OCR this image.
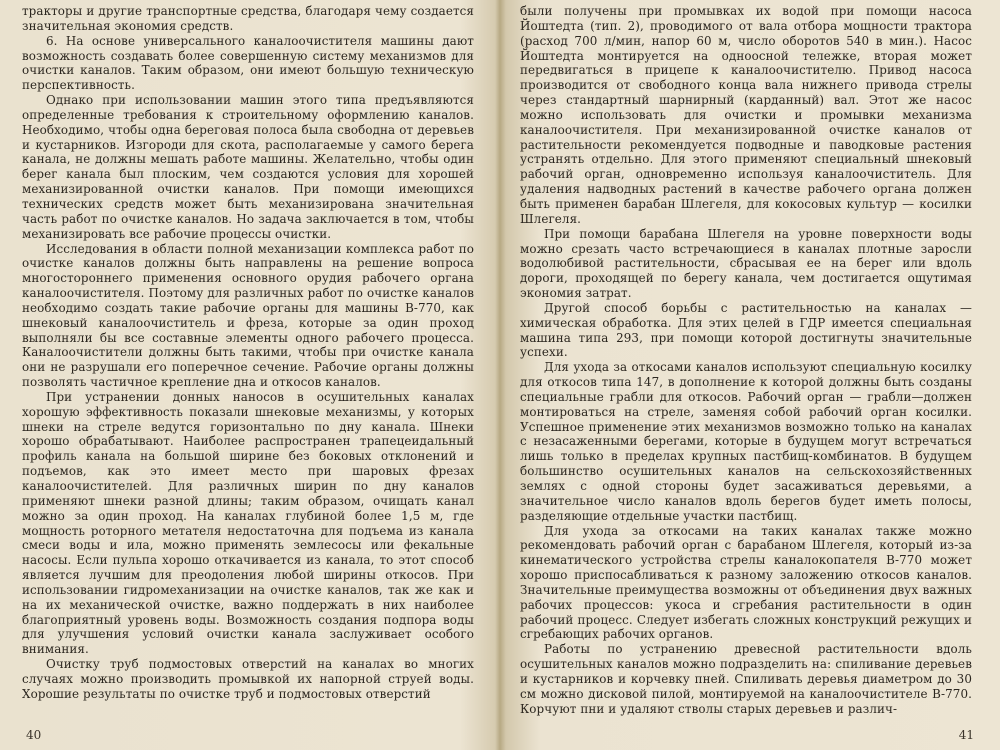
тракторы и другие транспортные средства, благодаря чему создается значительная экономия средств.

6. На основе универсального каналоочистителя машины дают возможность создавать более совершенную систему механизмов для очистки каналов. Таким образом, они имеют большую техническую перспективность.

Однако при использовании машин этого типа предъявляются определенные требования к строительному оформлению каналов. Необходимо, чтобы одна береговая полоса была свободна от деревьев и кустарников. Изгороди для скота, располагаемые у самого берега канала, не должны мешать работе машины. Желательно, чтобы один берег канала был плоским, чем создаются условия для хорошей механизированной очистки каналов. При помощи имеющихся технических средств может быть механизирована значительная часть работ по очистке каналов. Но задача заключается в том, чтобы механизировать все рабочие процессы очистки.

Исследования в области полной механизации комплекса работ по очистке каналов должны быть направлены на решение вопроса многостороннего применения основного орудия рабочего органа каналоочистителя. Поэтому для различных работ по очистке каналов необходимо создать такие рабочие органы для машины В-770, как шнековый каналоочиститель и фреза, которые за один проход выполняли бы все составные элементы одного рабочего процесса. Каналоочистители должны быть такими, чтобы при очистке канала они не разрушали его поперечное сечение. Рабочие органы должны позволять частичное крепление дна и откосов каналов.

При устранении донных наносов в осушительных каналах хорошую эффективность показали шнековые механизмы, у которых шнеки на стреле ведутся горизонтально по дну канала. Шнеки хорошо обрабатывают. Наиболее распространен трапецеидальный профиль канала на большой ширине без боковых отклонений и подъемов, как это имеет место при шаровых фрезах каналоочистителей. Для различных ширин по дну каналов применяют шнеки разной длины; таким образом, очищать канал можно за один проход. На каналах глубиной более 1,5 м, где мощность роторного метателя недостаточна для подъема из канала смеси воды и ила, можно применять землесосы или фекальные насосы. Если пульпа хорошо откачивается из канала, то этот способ является лучшим для преодоления любой ширины откосов. При использовании гидромеханизации на очистке каналов, так же как и на их механической очистке, важно поддержать в них наиболее благоприятный уровень воды. Возможность создания подпора воды для улучшения условий очистки канала заслуживает особого внимания.

Очистку труб подмостовых отверстий на каналах во многих случаях можно производить промывкой их напорной струей воды. Хорошие результаты по очистке труб и подмостовых отверстий

40

были получены при промывках их водой при помощи насоса Йоштедта (тип. 2), проводимого от вала отбора мощности трактора (расход 700 л/мин, напор 60 м, число оборотов 540 в мин.). Насос Йоштедта монтируется на одноосной тележке, вторая может передвигаться в прицепе к каналоочистителю. Привод насоса производится от свободного конца вала нижнего привода стрелы через стандартный шарнирный (карданный) вал. Этот же насос можно использовать для очистки и промывки механизма каналоочистителя. При механизированной очистке каналов от растительности рекомендуется подводные и паводковые растения устранять отдельно. Для этого применяют специальный шнековый рабочий орган, одновременно используя каналоочиститель. Для удаления надводных растений в качестве рабочего органа должен быть применен барабан Шлегеля, для кокосовых культур — косилки Шлегеля.

При помощи барабана Шлегеля на уровне поверхности воды можно срезать часто встречающиеся в каналах плотные заросли водолюбивой растительности, сбрасывая ее на берег или вдоль дороги, проходящей по берегу канала, чем достигается ощутимая экономия затрат.

Другой способ борьбы с растительностью на каналах — химическая обработка. Для этих целей в ГДР имеется специальная машина типа 293, при помощи которой достигнуты значительные успехи.

Для ухода за откосами каналов используют специальную косилку для откосов типа 147, в дополнение к которой должны быть созданы специальные грабли для откосов. Рабочий орган — грабли—должен монтироваться на стреле, заменяя собой рабочий орган косилки. Успешное применение этих механизмов возможно только на каналах с незасаженными берегами, которые в будущем могут встречаться лишь только в пределах крупных пастбищ-комбинатов. В будущем большинство осушительных каналов на сельскохозяйственных землях с одной стороны будет засаживаться деревьями, а значительное число каналов вдоль берегов будет иметь полосы, разделяющие отдельные участки пастбищ.

Для ухода за откосами на таких каналах также можно рекомендовать рабочий орган с барабаном Шлегеля, который из-за кинематического устройства стрелы каналокопателя В-770 может хорошо приспосабливаться к разному заложению откосов каналов. Значительные преимущества возможны от объединения двух важных рабочих процессов: укоса и сгребания растительности в один рабочий процесс. Следует избегать сложных конструкций режущих и сгребающих рабочих органов.

Работы по устранению древесной растительности вдоль осушительных каналов можно подразделить на: спиливание деревьев и кустарников и корчевку пней. Спиливать деревья диаметром до 30 см можно дисковой пилой, монтируемой на каналоочистителе В-770. Корчуют пни и удаляют стволы старых деревьев и различ-

41
